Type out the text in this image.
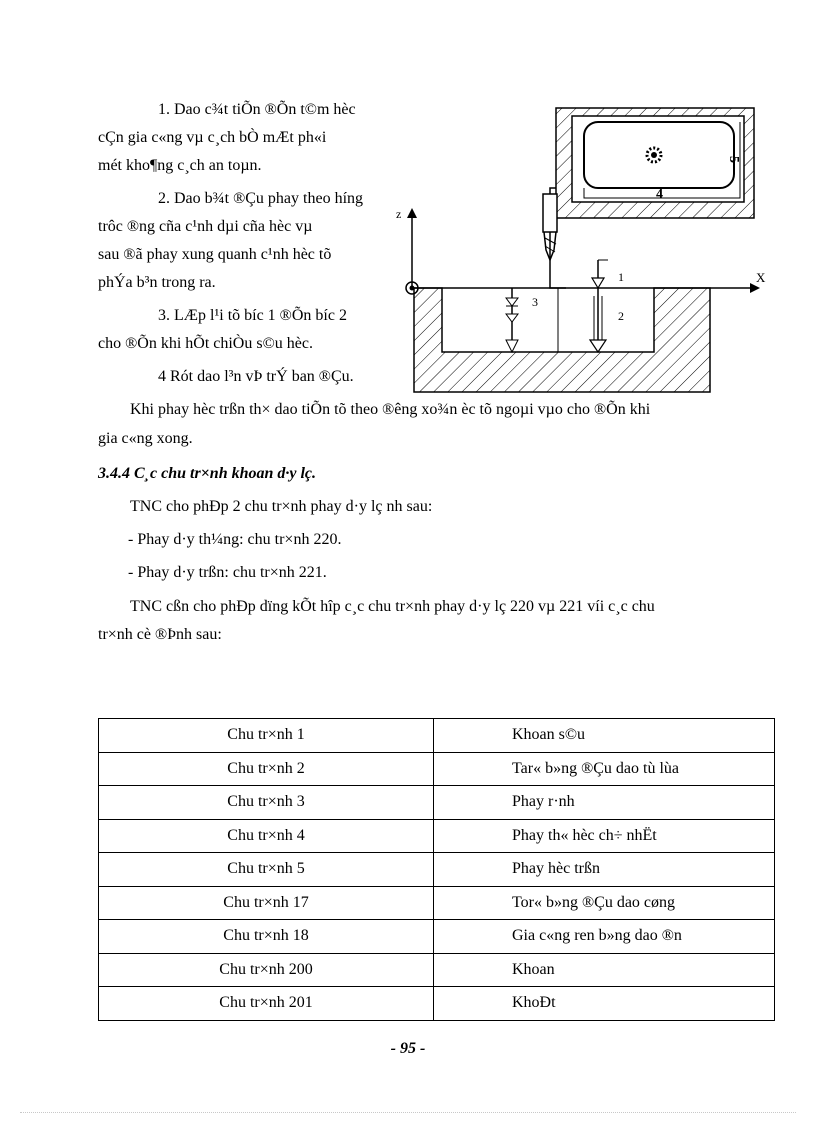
1. Dao c¾t tiÕn ®Õn t©m hèc
cÇn gia c«ng vµ c¸ch bÒ mÆt ph«i
mét kho¶ng c¸ch an toµn.
2. Dao b¾t ®Çu phay theo híng
trôc ®ng cña c¹nh dµi cña hèc vµ
sau ®ã phay xung quanh c¹nh hèc tõ
phÝa b³n trong ra.
3. LÆp l¹i tõ bíc 1 ®Õn bíc 2
cho ®Õn khi hÕt chiÒu s©u hèc.
4 Rót dao l³n vÞ trÝ ban ®Çu.
4
5
X
z
1
2
3
Khi phay hèc trßn th× dao tiÕn tõ theo ®êng xo¾n èc tõ ngoµi vµo cho ®Õn khi
gia c«ng xong.
3.4.4 C¸c chu tr×nh khoan d·y lç.
TNC cho phÐp 2 chu tr×nh phay d·y lç nh sau:
- Phay d·y th¼ng: chu tr×nh 220.
- Phay d·y trßn: chu tr×nh 221.
TNC cßn cho phÐp dïng kÕt hîp c¸c chu tr×nh phay d·y lç 220 vµ 221 víi c¸c chu
tr×nh cè ®Þnh sau:
Chu tr×nh 1	Khoan s©u
Chu tr×nh 2	Tar« b»ng ®Çu dao tù lùa
Chu tr×nh 3	Phay r·nh
Chu tr×nh 4	Phay th« hèc ch÷ nhËt
Chu tr×nh 5	Phay hèc trßn
Chu tr×nh 17	Tor« b»ng ®Çu dao cøng
Chu tr×nh 18	Gia c«ng ren b»ng dao ®n
Chu tr×nh 200	Khoan
Chu tr×nh 201	KhoÐt
- 95 -
